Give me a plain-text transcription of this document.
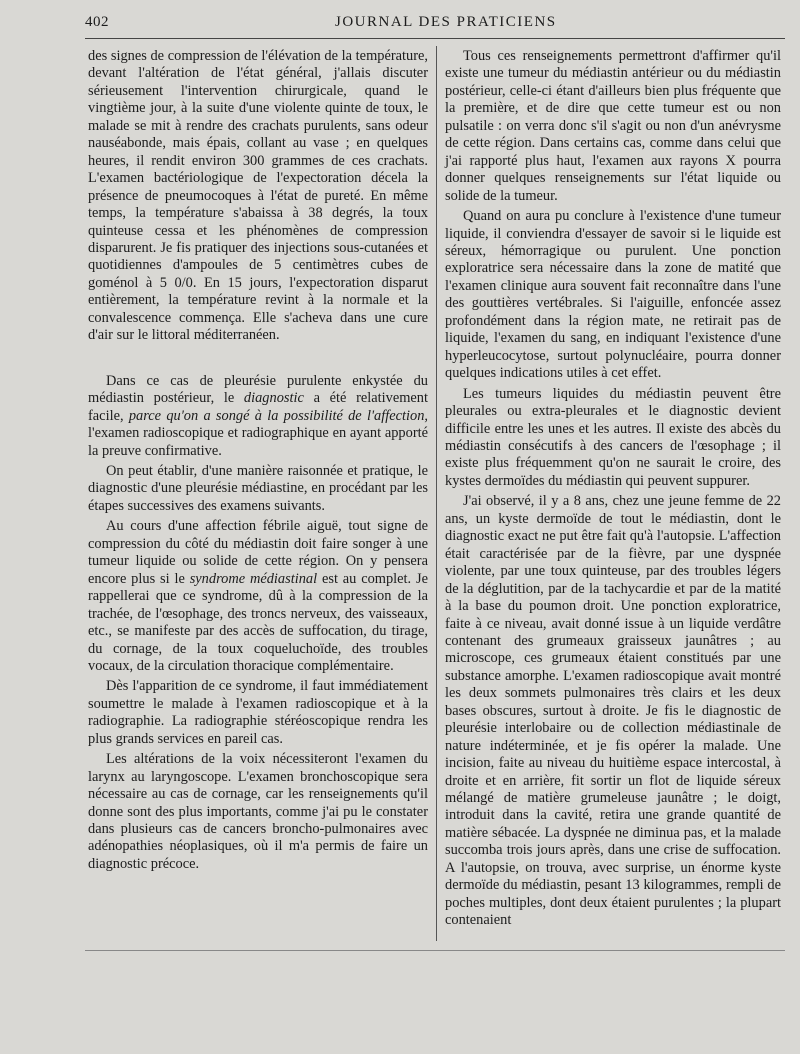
402	JOURNAL DES PRATICIENS

des signes de compression de l'élévation de la température, devant l'altération de l'état général, j'allais discuter sérieusement l'intervention chirurgicale, quand le vingtième jour, à la suite d'une violente quinte de toux, le malade se mit à rendre des crachats purulents, sans odeur nauséabonde, mais épais, collant au vase ; en quelques heures, il rendit environ 300 grammes de ces crachats. L'examen bactériologique de l'expectoration décela la présence de pneumocoques à l'état de pureté. En même temps, la température s'abaissa à 38 degrés, la toux quinteuse cessa et les phénomènes de compression disparurent. Je fis pratiquer des injections sous-cutanées et quotidiennes d'ampoules de 5 centimètres cubes de goménol à 5 0/0. En 15 jours, l'expectoration disparut entièrement, la température revint à la normale et la convalescence commença. Elle s'acheva dans une cure d'air sur le littoral méditerranéen.

Dans ce cas de pleurésie purulente enkystée du médiastin postérieur, le diagnostic a été relativement facile, parce qu'on a songé à la possibilité de l'affection, l'examen radioscopique et radiographique en ayant apporté la preuve confirmative.

On peut établir, d'une manière raisonnée et pratique, le diagnostic d'une pleurésie médiastine, en procédant par les étapes successives des examens suivants.

Au cours d'une affection fébrile aiguë, tout signe de compression du côté du médiastin doit faire songer à une tumeur liquide ou solide de cette région. On y pensera encore plus si le syndrome médiastinal est au complet. Je rappellerai que ce syndrome, dû à la compression de la trachée, de l'œsophage, des troncs nerveux, des vaisseaux, etc., se manifeste par des accès de suffocation, du tirage, du cornage, de la toux coqueluchoïde, des troubles vocaux, de la circulation thoracique complémentaire.

Dès l'apparition de ce syndrome, il faut immédiatement soumettre le malade à l'examen radioscopique et à la radiographie. La radiographie stéréoscopique rendra les plus grands services en pareil cas.

Les altérations de la voix nécessiteront l'examen du larynx au laryngoscope. L'examen bronchoscopique sera nécessaire au cas de cornage, car les renseignements qu'il donne sont des plus importants, comme j'ai pu le constater dans plusieurs cas de cancers broncho-pulmonaires avec adénopathies néoplasiques, où il m'a permis de faire un diagnostic précoce.

Tous ces renseignements permettront d'affirmer qu'il existe une tumeur du médiastin antérieur ou du médiastin postérieur, celle-ci étant d'ailleurs bien plus fréquente que la première, et de dire que cette tumeur est ou non pulsatile : on verra donc s'il s'agit ou non d'un anévrysme de cette région. Dans certains cas, comme dans celui que j'ai rapporté plus haut, l'examen aux rayons X pourra donner quelques renseignements sur l'état liquide ou solide de la tumeur.

Quand on aura pu conclure à l'existence d'une tumeur liquide, il conviendra d'essayer de savoir si le liquide est séreux, hémorragique ou purulent. Une ponction exploratrice sera nécessaire dans la zone de matité que l'examen clinique aura souvent fait reconnaître dans l'une des gouttières vertébrales. Si l'aiguille, enfoncée assez profondément dans la région mate, ne retirait pas de liquide, l'examen du sang, en indiquant l'existence d'une hyperleucocytose, surtout polynucléaire, pourra donner quelques indications utiles à cet effet.

Les tumeurs liquides du médiastin peuvent être pleurales ou extra-pleurales et le diagnostic devient difficile entre les unes et les autres. Il existe des abcès du médiastin consécutifs à des cancers de l'œsophage ; il existe plus fréquemment qu'on ne saurait le croire, des kystes dermoïdes du médiastin qui peuvent suppurer.

J'ai observé, il y a 8 ans, chez une jeune femme de 22 ans, un kyste dermoïde de tout le médiastin, dont le diagnostic exact ne put être fait qu'à l'autopsie. L'affection était caractérisée par de la fièvre, par une dyspnée violente, par une toux quinteuse, par des troubles légers de la déglutition, par de la tachycardie et par de la matité à la base du poumon droit. Une ponction exploratrice, faite à ce niveau, avait donné issue à un liquide verdâtre contenant des grumeaux graisseux jaunâtres ; au microscope, ces grumeaux étaient constitués par une substance amorphe. L'examen radioscopique avait montré les deux sommets pulmonaires très clairs et les deux bases obscures, surtout à droite. Je fis le diagnostic de pleurésie interlobaire ou de collection médiastinale de nature indéterminée, et je fis opérer la malade. Une incision, faite au niveau du huitième espace intercostal, à droite et en arrière, fit sortir un flot de liquide séreux mélangé de matière grumeleuse jaunâtre ; le doigt, introduit dans la cavité, retira une grande quantité de matière sébacée. La dyspnée ne diminua pas, et la malade succomba trois jours après, dans une crise de suffocation. A l'autopsie, on trouva, avec surprise, un énorme kyste dermoïde du médiastin, pesant 13 kilogrammes, rempli de poches multiples, dont deux étaient purulentes ; la plupart contenaient
